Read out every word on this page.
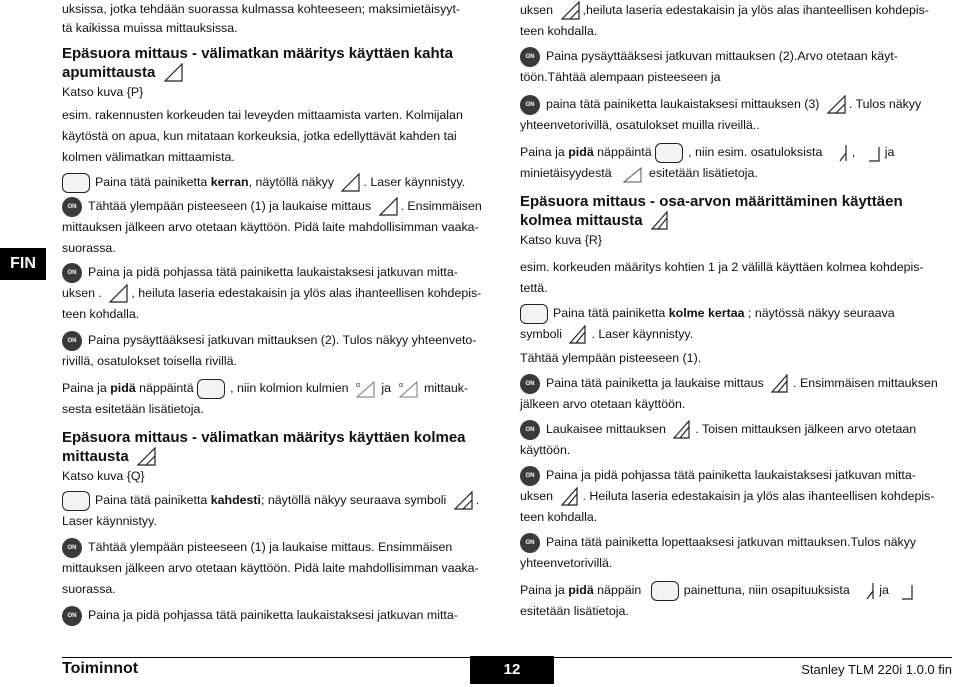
FIN

uksissa, jotka tehdään suorassa kulmassa kohteeseen; maksimietäisyyt-

tä kaikissa muissa mittauksissa.

Epäsuora mittaus - välimatkan määritys käyttäen kahta

apumittausta

Katso kuva {P}

esim. rakennusten korkeuden tai leveyden mittaamista varten. Kolmijalan

käytöstä on apua, kun mitataan korkeuksia, jotka edellyttävät kahden tai

kolmen välimatkan mittaamista.

Paina tätä painiketta kerran, näytöllä näkyy . Laser käynnistyy.

ON Tähtää ylempään pisteeseen (1) ja laukaise mittaus . Ensimmäisen

mittauksen jälkeen arvo otetaan käyttöön. Pidä laite mahdollisimman vaaka-

suorassa.

ON Paina ja pidä pohjassa tätä painiketta laukaistaksesi jatkuvan mitta-

uksen . , heiluta laseria edestakaisin ja ylös alas ihanteellisen kohdepis-

teen kohdalla.

ON Paina pysäyttääksesi jatkuvan mittauksen (2). Tulos näkyy yhteenveto-

rivillä, osatulokset toisella rivillä.

Paina ja pidä näppäintä	, niin kolmion kulmien α ja α mittauk-

sesta esitetään lisätietoja.

Epäsuora mittaus - välimatkan määritys käyttäen kolmea

mittausta

Katso kuva {Q}

Paina tätä painiketta kahdesti; näytöllä näkyy seuraava symboli .

Laser käynnistyy.

ON Tähtää ylempään pisteeseen (1) ja laukaise mittaus. Ensimmäisen

mittauksen jälkeen arvo otetaan käyttöön. Pidä laite mahdollisimman vaaka-

suorassa.

ON Paina ja pidä pohjassa tätä painiketta laukaistaksesi jatkuvan mitta-

uksen ,heiluta laseria edestakaisin ja ylös alas ihanteellisen kohdepis-

teen kohdalla.

ON Paina pysäyttääksesi jatkuvan mittauksen (2).Arvo otetaan käyt-

töön.Tähtää alempaan pisteeseen ja

ON paina tätä painiketta laukaistaksesi mittauksen (3) . Tulos näkyy

yhteenvetorivillä, osatulokset muilla riveillä..

Paina ja pidä näppäintä	, niin esim. osatuloksista , ja

minietäisyydestä	esitetään lisätietoja.

Epäsuora mittaus - osa-arvon määrittäminen käyttäen

kolmea mittausta

Katso kuva {R}

esim. korkeuden määritys kohtien 1 ja 2 välillä käyttäen kolmea kohdepis-

tettä.

Paina tätä painiketta kolme kertaa ; näytössä näkyy seuraava

symboli . Laser käynnistyy.

Tähtää ylempään pisteeseen (1).

ON Paina tätä painiketta ja laukaise mittaus . Ensimmäisen mittauksen

jälkeen arvo otetaan käyttöön.

ON Laukaisee mittauksen . Toisen mittauksen jälkeen arvo otetaan

käyttöön.

ON Paina ja pidä pohjassa tätä painiketta laukaistaksesi jatkuvan mitta-

uksen . Heiluta laseria edestakaisin ja ylös alas ihanteellisen kohdepis-

teen kohdalla.

ON Paina tätä painiketta lopettaaksesi jatkuvan mittauksen.Tulos näkyy

yhteenvetorivillä.

Paina ja pidä näppäin	painettuna, niin osapituuksista ja

esitetään lisätietoja.

Toiminnot	12	Stanley TLM 220i 1.0.0 fin
